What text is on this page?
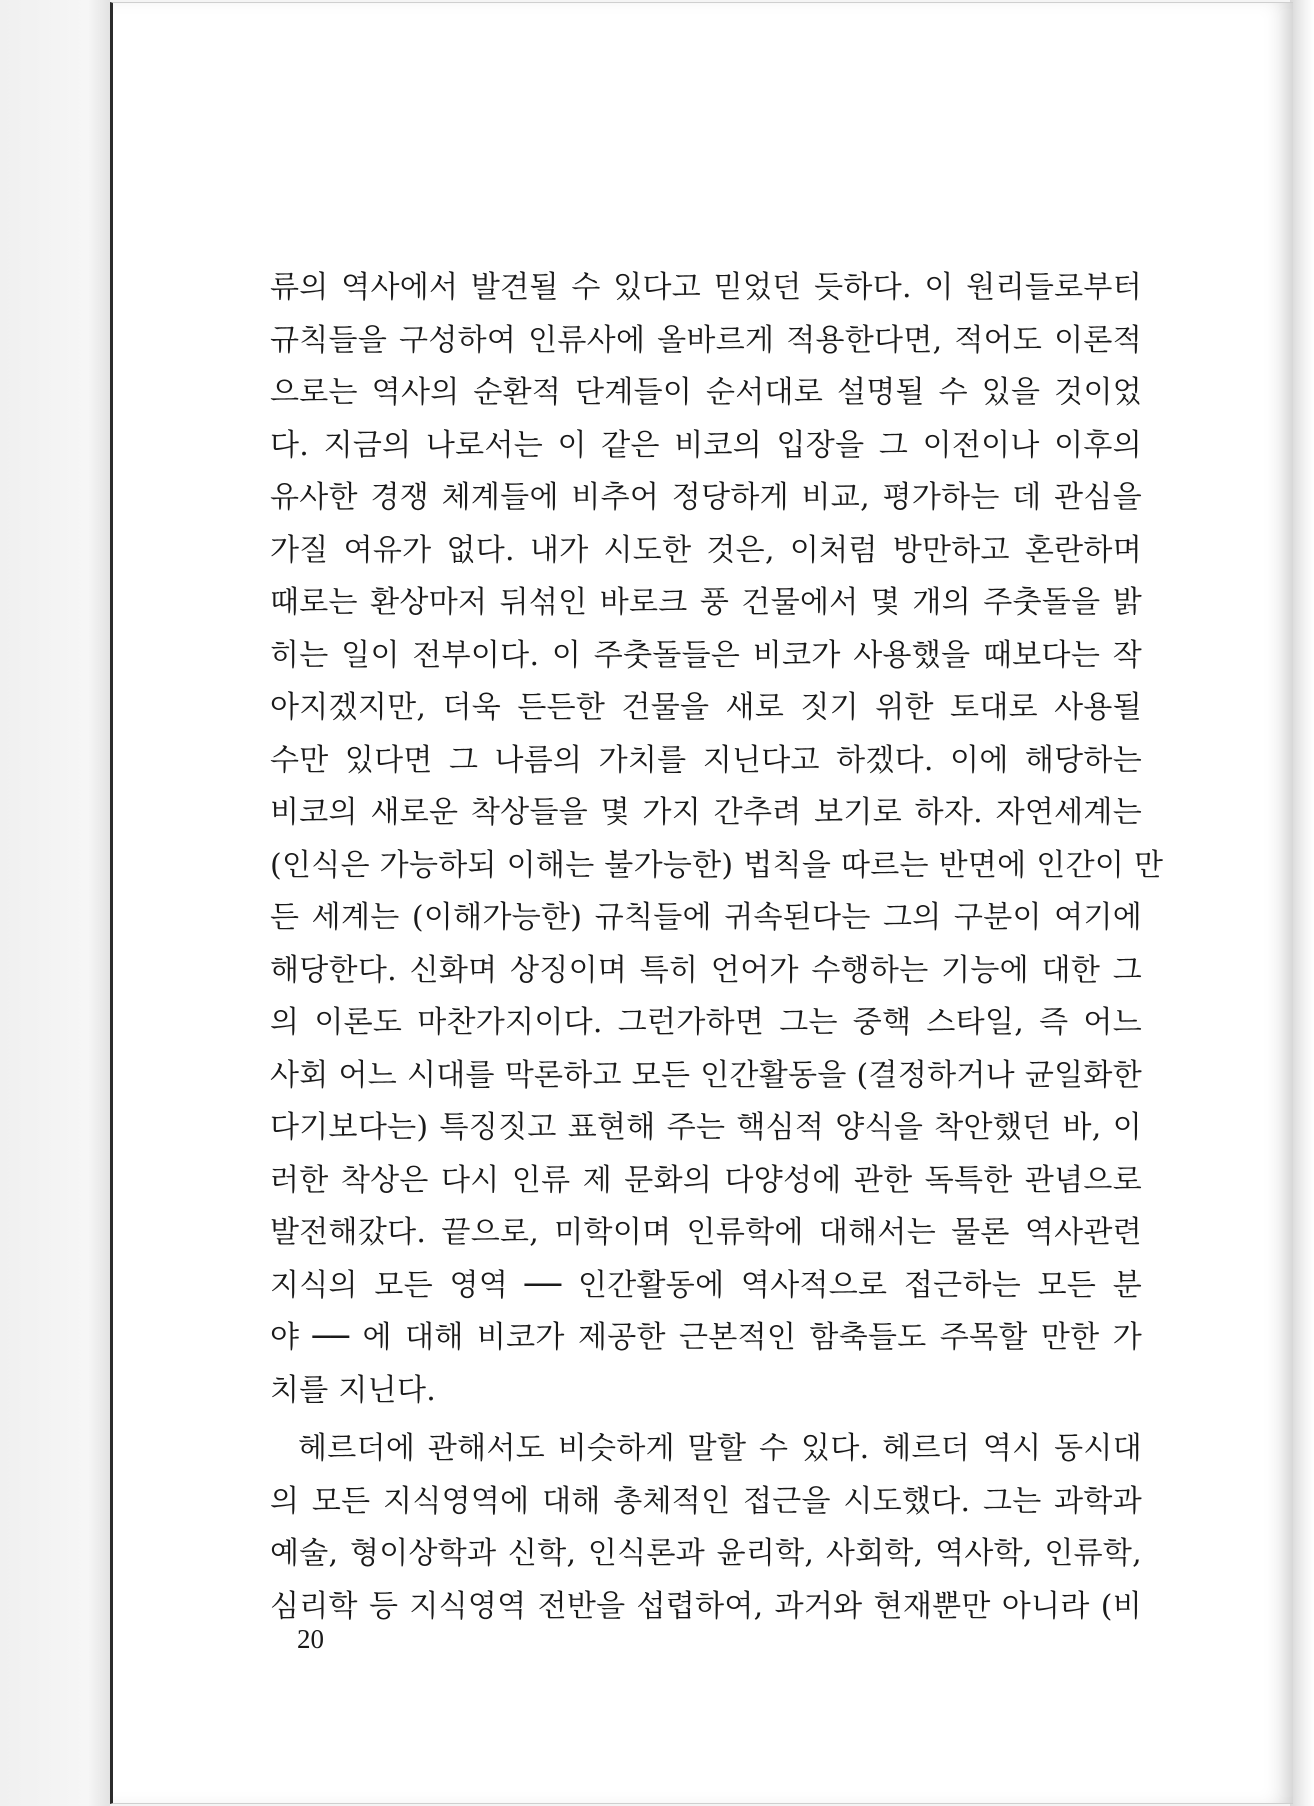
류의 역사에서 발견될 수 있다고 믿었던 듯하다. 이 원리들로부터
규칙들을 구성하여 인류사에 올바르게 적용한다면, 적어도 이론적
으로는 역사의 순환적 단계들이 순서대로 설명될 수 있을 것이었
다. 지금의 나로서는 이 같은 비코의 입장을 그 이전이나 이후의
유사한 경쟁 체계들에 비추어 정당하게 비교, 평가하는 데 관심을
가질 여유가 없다. 내가 시도한 것은, 이처럼 방만하고 혼란하며
때로는 환상마저 뒤섞인 바로크 풍 건물에서 몇 개의 주춧돌을 밝
히는 일이 전부이다. 이 주춧돌들은 비코가 사용했을 때보다는 작
아지겠지만, 더욱 든든한 건물을 새로 짓기 위한 토대로 사용될
수만 있다면 그 나름의 가치를 지닌다고 하겠다. 이에 해당하는
비코의 새로운 착상들을 몇 가지 간추려 보기로 하자. 자연세계는
(인식은 가능하되 이해는 불가능한) 법칙을 따르는 반면에 인간이 만
든 세계는 (이해가능한) 규칙들에 귀속된다는 그의 구분이 여기에
해당한다. 신화며 상징이며 특히 언어가 수행하는 기능에 대한 그
의 이론도 마찬가지이다. 그런가하면 그는 중핵 스타일, 즉 어느
사회 어느 시대를 막론하고 모든 인간활동을 (결정하거나 균일화한
다기보다는) 특징짓고 표현해 주는 핵심적 양식을 착안했던 바, 이
러한 착상은 다시 인류 제 문화의 다양성에 관한 독특한 관념으로
발전해갔다. 끝으로, 미학이며 인류학에 대해서는 물론 역사관련
지식의 모든 영역 ── 인간활동에 역사적으로 접근하는 모든 분
야 ── 에 대해 비코가 제공한 근본적인 함축들도 주목할 만한 가
치를 지닌다.
헤르더에 관해서도 비슷하게 말할 수 있다. 헤르더 역시 동시대
의 모든 지식영역에 대해 총체적인 접근을 시도했다. 그는 과학과
예술, 형이상학과 신학, 인식론과 윤리학, 사회학, 역사학, 인류학,
심리학 등 지식영역 전반을 섭렵하여, 과거와 현재뿐만 아니라 (비
20
